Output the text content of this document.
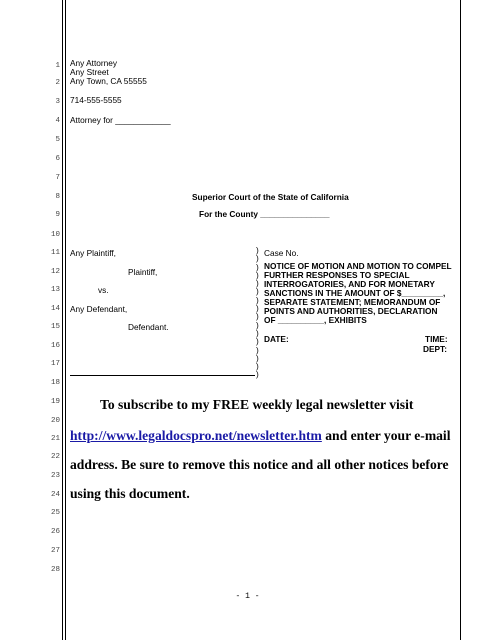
1
2
3
4
5
6
7
8
9
10
11
12
13
14
15
16
17
18
19
20
21
22
23
24
25
26
27
28
Any Attorney
Any Street
Any Town, CA 55555
714-555-5555
Attorney for ____________
Superior Court of the State of California
For the County _______________
Any Plaintiff,
Plaintiff,
vs.
Any Defendant,
Defendant.
)
)
)
)
)
)
)
)
)
)
)
)
)
)
)
)
Case No.
NOTICE OF MOTION AND MOTION TO COMPEL
FURTHER RESPONSES TO SPECIAL
INTERROGATORIES, AND FOR MONETARY
SANCTIONS IN THE AMOUNT OF $_________,
SEPARATE STATEMENT; MEMORANDUM OF
POINTS AND AUTHORITIES, DECLARATION
OF __________, EXHIBITS
DATE:	TIME:
DEPT:
To subscribe to my FREE weekly legal newsletter visit
http://www.legaldocspro.net/newsletter.htm and enter your e-mail
address. Be sure to remove this notice and all other notices before
using this document.
- 1 -
